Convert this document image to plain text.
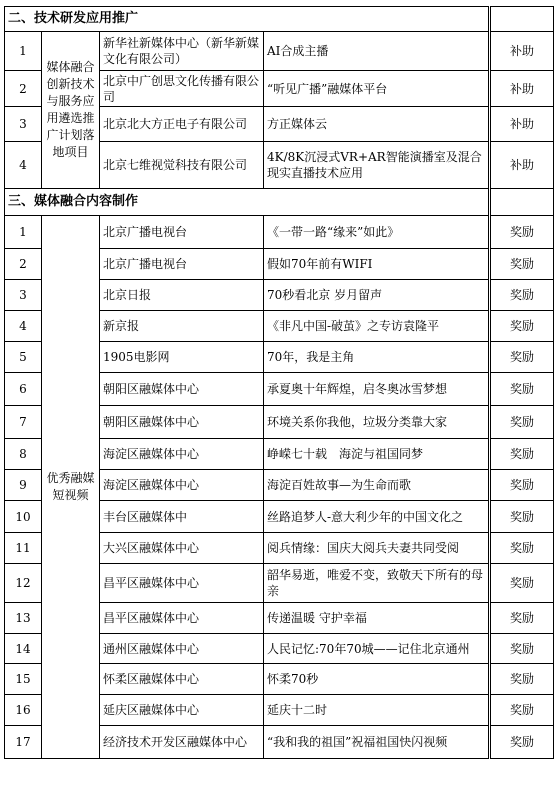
二、技术研发应用推广				
1	媒体融合创新技术与服务应用遴选推广计划落地项目	新华社新媒体中心（新华新媒文化有限公司）	AI合成主播	补助
2		北京中广创思文化传播有限公司	“听见广播”融媒体平台	补助
3		北京北大方正电子有限公司	方正媒体云	补助
4		北京七维视觉科技有限公司	4K/8K沉浸式VR+AR智能演播室及混合现实直播技术应用	补助
三、媒体融合内容制作				
1	优秀融媒短视频	北京广播电视台	《一带一路“缘来”如此》	奖励
2		北京广播电视台	假如70年前有WIFI	奖励
3		北京日报	70秒看北京 岁月留声	奖励
4		新京报	《非凡中国-破茧》之专访袁隆平	奖励
5		1905电影网	70年，我是主角	奖励
6		朝阳区融媒体中心	承夏奥十年辉煌，启冬奥冰雪梦想	奖励
7		朝阳区融媒体中心	环境关系你我他，垃圾分类靠大家	奖励
8		海淀区融媒体中心	峥嵘七十载　海淀与祖国同梦	奖励
9		海淀区融媒体中心	海淀百姓故事—为生命而歌	奖励
10		丰台区融媒体中	丝路追梦人-意大利少年的中国文化之	奖励
11		大兴区融媒体中心	阅兵情缘：国庆大阅兵夫妻共同受阅	奖励
12		昌平区融媒体中心	韶华易逝，唯爱不变，致敬天下所有的母亲	奖励
13		昌平区融媒体中心	传递温暖 守护幸福	奖励
14		通州区融媒体中心	人民记忆:70年70城——记住北京通州	奖励
15		怀柔区融媒体中心	怀柔70秒	奖励
16		延庆区融媒体中心	延庆十二时	奖励
17		经济技术开发区融媒体中心	“我和我的祖国”祝福祖国快闪视频	奖励
